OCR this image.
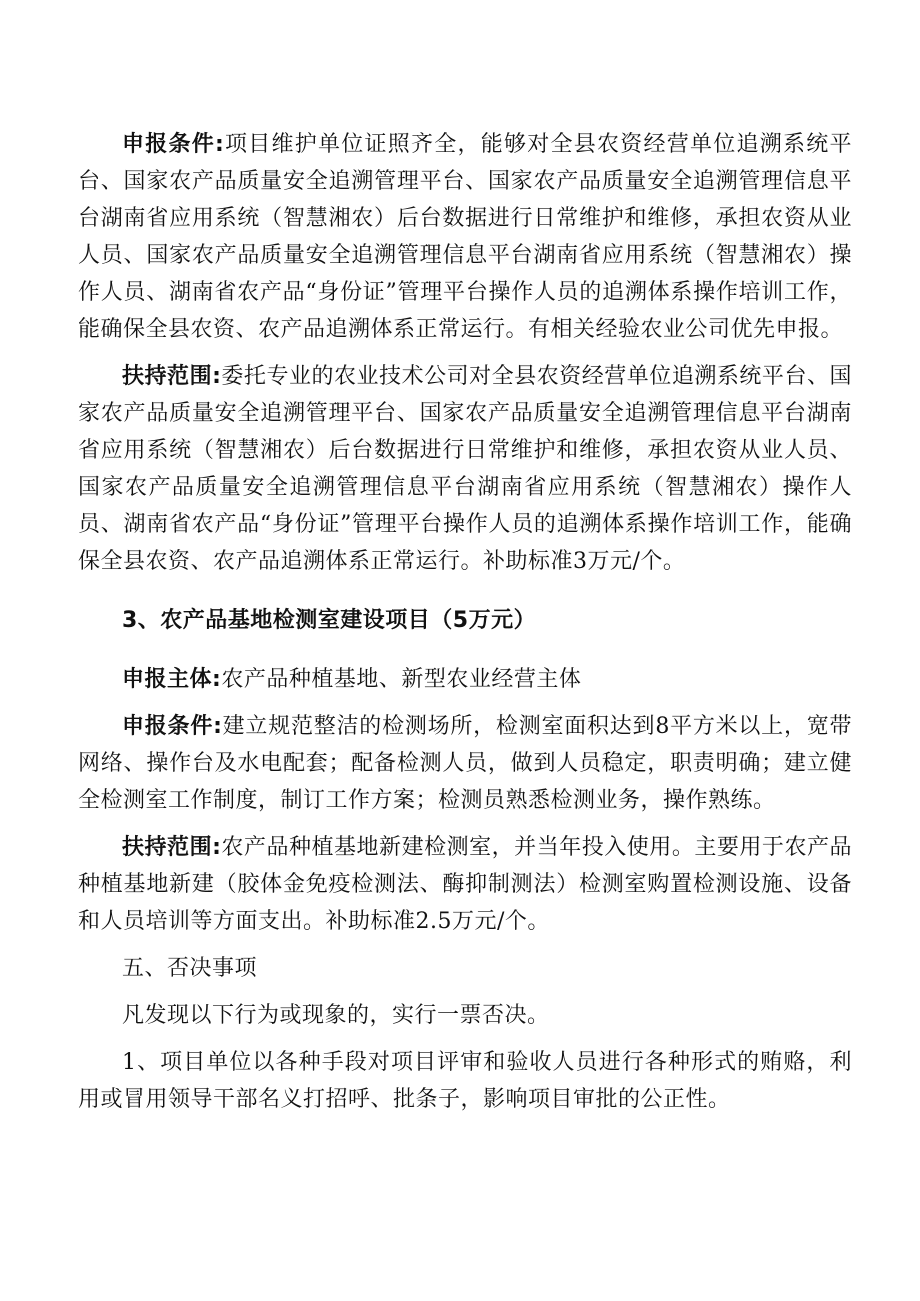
申报条件:项目维护单位证照齐全，能够对全县农资经营单位追溯系统平台、国家农产品质量安全追溯管理平台、国家农产品质量安全追溯管理信息平台湖南省应用系统（智慧湘农）后台数据进行日常维护和维修，承担农资从业人员、国家农产品质量安全追溯管理信息平台湖南省应用系统（智慧湘农）操作人员、湖南省农产品“身份证”管理平台操作人员的追溯体系操作培训工作，能确保全县农资、农产品追溯体系正常运行。有相关经验农业公司优先申报。

扶持范围:委托专业的农业技术公司对全县农资经营单位追溯系统平台、国家农产品质量安全追溯管理平台、国家农产品质量安全追溯管理信息平台湖南省应用系统（智慧湘农）后台数据进行日常维护和维修，承担农资从业人员、国家农产品质量安全追溯管理信息平台湖南省应用系统（智慧湘农）操作人员、湖南省农产品“身份证”管理平台操作人员的追溯体系操作培训工作，能确保全县农资、农产品追溯体系正常运行。补助标准3万元/个。

3、农产品基地检测室建设项目（5万元）

申报主体:农产品种植基地、新型农业经营主体

申报条件:建立规范整洁的检测场所，检测室面积达到8平方米以上，宽带网络、操作台及水电配套；配备检测人员，做到人员稳定，职责明确；建立健全检测室工作制度，制订工作方案；检测员熟悉检测业务，操作熟练。

扶持范围:农产品种植基地新建检测室，并当年投入使用。主要用于农产品种植基地新建（胶体金免疫检测法、酶抑制测法）检测室购置检测设施、设备和人员培训等方面支出。补助标准2.5万元/个。

五、否决事项

凡发现以下行为或现象的，实行一票否决。

1、项目单位以各种手段对项目评审和验收人员进行各种形式的贿赂，利用或冒用领导干部名义打招呼、批条子，影响项目审批的公正性。
